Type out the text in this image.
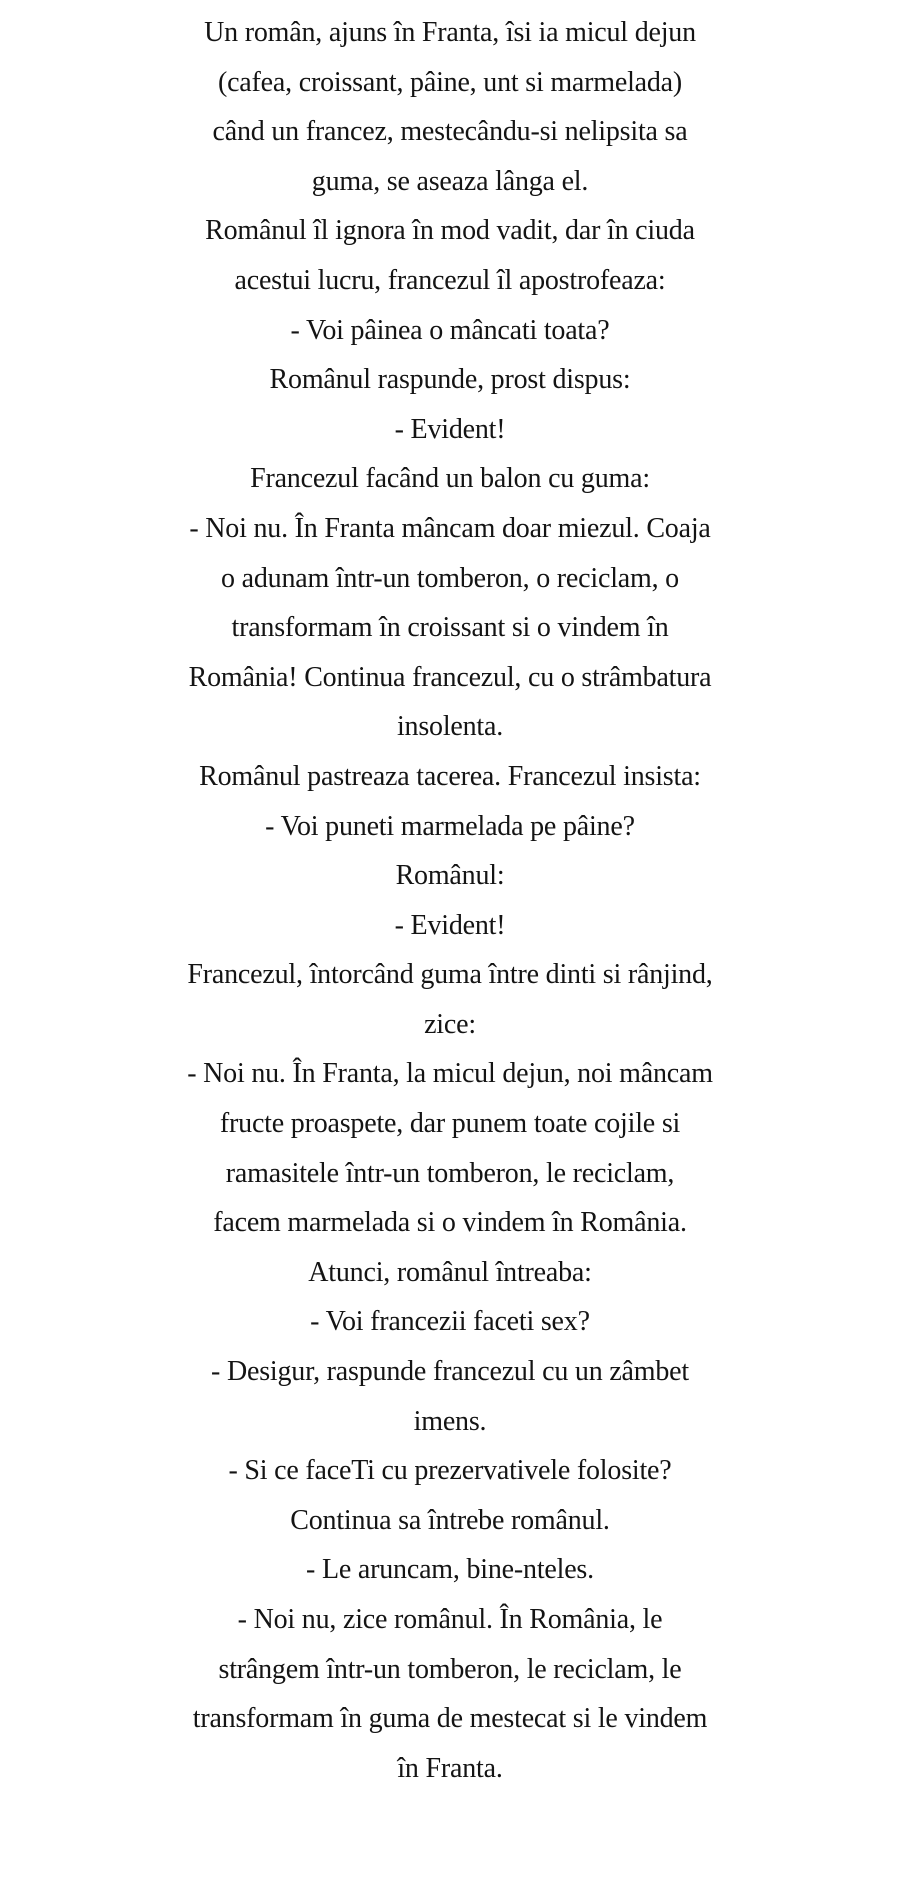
Un român, ajuns în Franta, îsi ia micul dejun
(cafea, croissant, pâine, unt si marmelada)
când un francez, mestecându-si nelipsita sa
guma, se aseaza lânga el.
Românul îl ignora în mod vadit, dar în ciuda
acestui lucru, francezul îl apostrofeaza:
- Voi pâinea o mâncati toata?
Românul raspunde, prost dispus:
- Evident!
Francezul facând un balon cu guma:
- Noi nu. În Franta mâncam doar miezul. Coaja
o adunam într-un tomberon, o reciclam, o
transformam în croissant si o vindem în
România! Continua francezul, cu o strâmbatura
insolenta.
Românul pastreaza tacerea. Francezul insista:
- Voi puneti marmelada pe pâine?
Românul:
- Evident!
Francezul, întorcând guma între dinti si rânjind,
zice:
- Noi nu. În Franta, la micul dejun, noi mâncam
fructe proaspete, dar punem toate cojile si
ramasitele într-un tomberon, le reciclam,
facem marmelada si o vindem în România.
Atunci, românul întreaba:
- Voi francezii faceti sex?
- Desigur, raspunde francezul cu un zâmbet
imens.
- Si ce faceTi cu prezervativele folosite?
Continua sa întrebe românul.
- Le aruncam, bine-nteles.
- Noi nu, zice românul. În România, le
strângem într-un tomberon, le reciclam, le
transformam în guma de mestecat si le vindem
în Franta.
